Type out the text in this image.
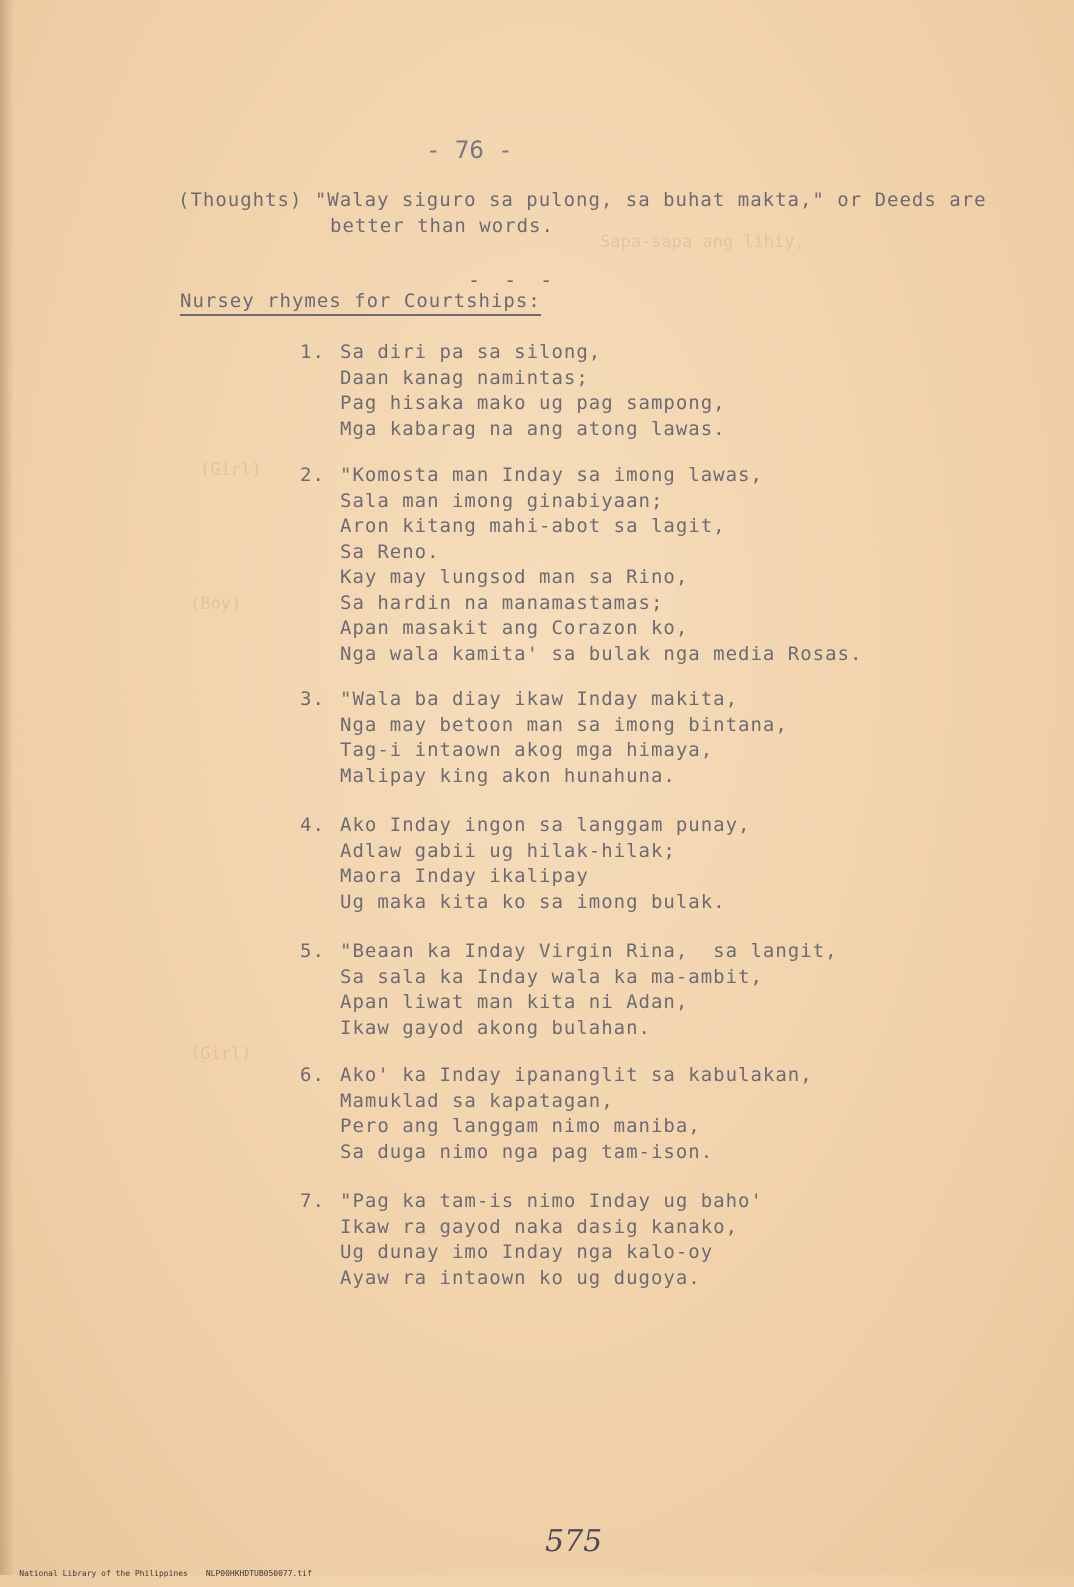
Sapa-sapa ang lihiy,
(Girl)
(Boy)
(Girl)
- 76 -
(Thoughts) "Walay siguro sa pulong, sa buhat makta," or Deeds are
better than words.
- - -
Nursey rhymes for Courtships:
1. Sa diri pa sa silong,
Daan kanag namintas;
Pag hisaka mako ug pag sampong,
Mga kabarag na ang atong lawas.
2. "Komosta man Inday sa imong lawas,
Sala man imong ginabiyaan;
Aron kitang mahi-abot sa lagit,
Sa Reno.
Kay may lungsod man sa Rino,
Sa hardin na manamastamas;
Apan masakit ang Corazon ko,
Nga wala kamita' sa bulak nga media Rosas.
3. "Wala ba diay ikaw Inday makita,
Nga may betoon man sa imong bintana,
Tag-i intaown akog mga himaya,
Malipay king akon hunahuna.
4. Ako Inday ingon sa langgam punay,
Adlaw gabii ug hilak-hilak;
Maora Inday ikalipay
Ug maka kita ko sa imong bulak.
5. "Beaan ka Inday Virgin Rina,  sa langit,
Sa sala ka Inday wala ka ma-ambit,
Apan liwat man kita ni Adan,
Ikaw gayod akong bulahan.
6. Ako' ka Inday ipananglit sa kabulakan,
Mamuklad sa kapatagan,
Pero ang langgam nimo maniba,
Sa duga nimo nga pag tam-ison.
7. "Pag ka tam-is nimo Inday ug baho'
Ikaw ra gayod naka dasig kanako,
Ug dunay imo Inday nga kalo-oy
Ayaw ra intaown ko ug dugoya.
575

National Library of the Philippines NLP00HKHDTUB050077.tif
